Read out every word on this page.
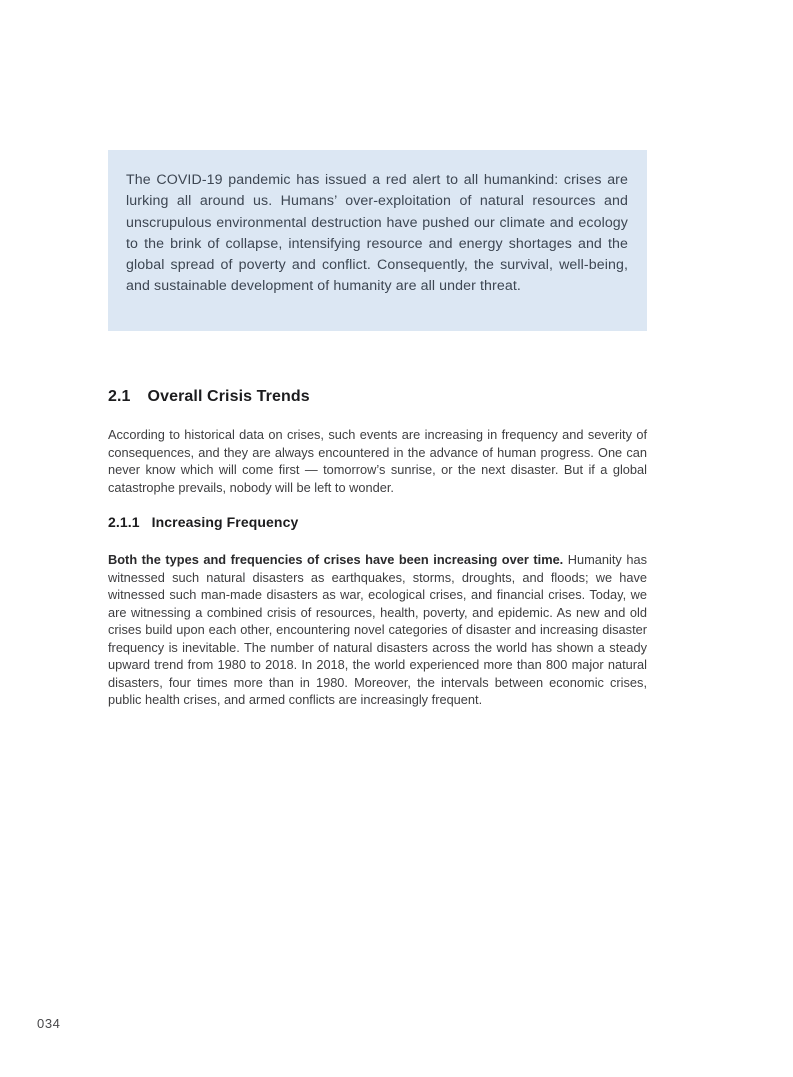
The COVID-19 pandemic has issued a red alert to all humankind: crises are lurking all around us. Humans’ over-exploitation of natural resources and unscrupulous environmental destruction have pushed our climate and ecology to the brink of collapse, intensifying resource and energy shortages and the global spread of poverty and conflict. Consequently, the survival, well-being, and sustainable development of humanity are all under threat.
2.1 Overall Crisis Trends
According to historical data on crises, such events are increasing in frequency and severity of consequences, and they are always encountered in the advance of human progress. One can never know which will come first — tomorrow’s sunrise, or the next disaster. But if a global catastrophe prevails, nobody will be left to wonder.
2.1.1 Increasing Frequency
Both the types and frequencies of crises have been increasing over time. Humanity has witnessed such natural disasters as earthquakes, storms, droughts, and floods; we have witnessed such man-made disasters as war, ecological crises, and financial crises. Today, we are witnessing a combined crisis of resources, health, poverty, and epidemic. As new and old crises build upon each other, encountering novel categories of disaster and increasing disaster frequency is inevitable. The number of natural disasters across the world has shown a steady upward trend from 1980 to 2018. In 2018, the world experienced more than 800 major natural disasters, four times more than in 1980. Moreover, the intervals between economic crises, public health crises, and armed conflicts are increasingly frequent.
034
